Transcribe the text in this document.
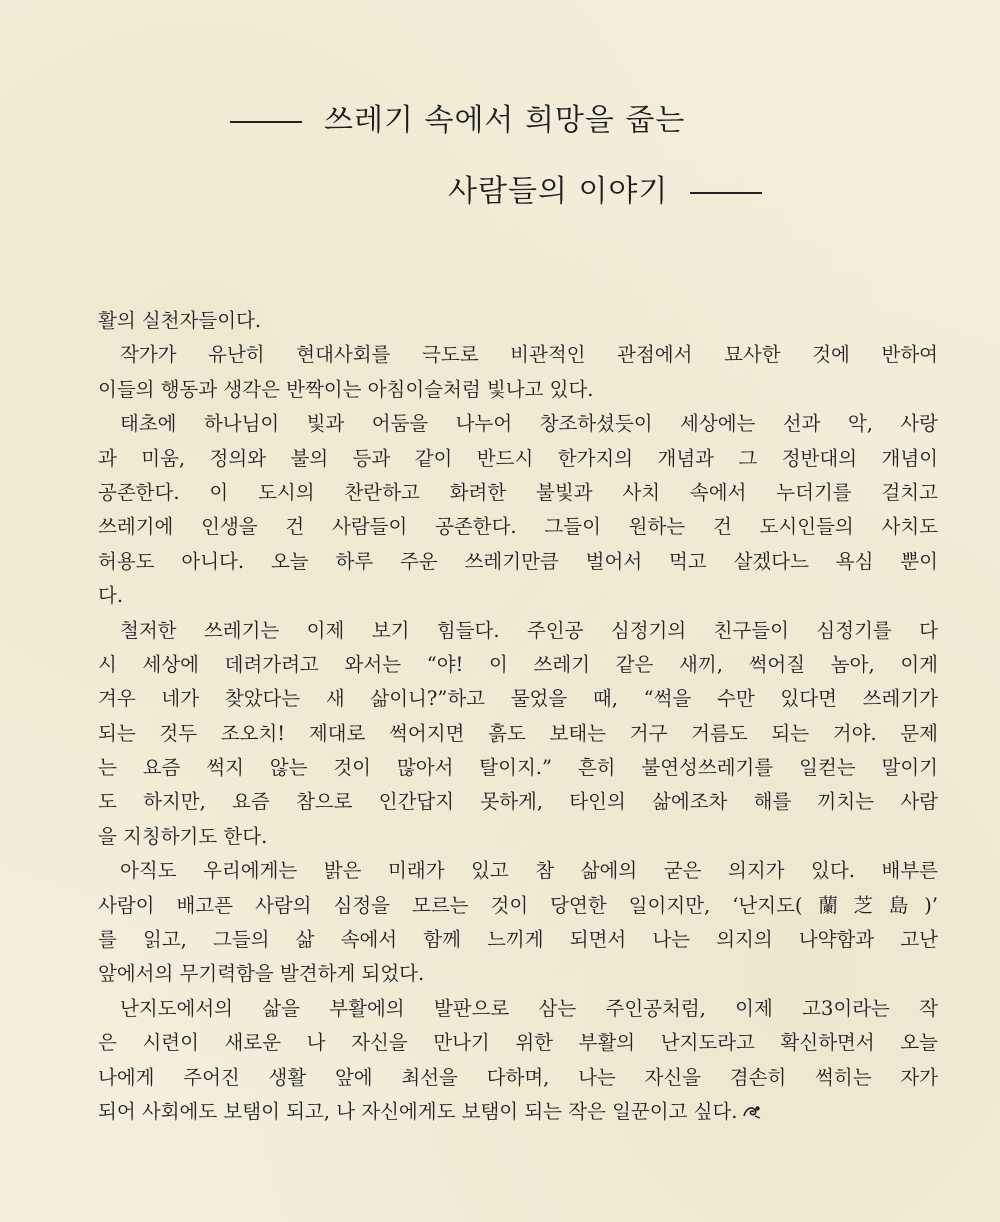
쓰레기 속에서 희망을 줍는
사람들의 이야기
활의 실천자들이다.
작가가 유난히 현대사회를 극도로 비관적인 관점에서 묘사한 것에 반하여
이들의 행동과 생각은 반짝이는 아침이슬처럼 빛나고 있다.
태초에 하나님이 빛과 어둠을 나누어 창조하셨듯이 세상에는 선과 악, 사랑
과 미움, 정의와 불의 등과 같이 반드시 한가지의 개념과 그 정반대의 개념이
공존한다. 이 도시의 찬란하고 화려한 불빛과 사치 속에서 누더기를 걸치고
쓰레기에 인생을 건 사람들이 공존한다. 그들이 원하는 건 도시인들의 사치도
허용도 아니다. 오늘 하루 주운 쓰레기만큼 벌어서 먹고 살겠다느 욕심 뿐이
다.
철저한 쓰레기는 이제 보기 힘들다. 주인공 심정기의 친구들이 심정기를 다
시 세상에 데려가려고 와서는 “야! 이 쓰레기 같은 새끼, 썩어질 놈아, 이게
겨우 네가 찾았다는 새 삶이니?”하고 물었을 때, “썩을 수만 있다면 쓰레기가
되는 것두 조오치! 제대로 썩어지면 흙도 보태는 거구 거름도 되는 거야. 문제
는 요즘 썩지 않는 것이 많아서 탈이지.” 흔히 불연성쓰레기를 일컫는 말이기
도 하지만, 요즘 참으로 인간답지 못하게, 타인의 삶에조차 해를 끼치는 사람
을 지칭하기도 한다.
아직도 우리에게는 밝은 미래가 있고 참 삶에의 굳은 의지가 있다. 배부른
사람이 배고픈 사람의 심정을 모르는 것이 당연한 일이지만, ‘난지도(蘭芝島)’
를 읽고, 그들의 삶 속에서 함께 느끼게 되면서 나는 의지의 나약함과 고난
앞에서의 무기력함을 발견하게 되었다.
난지도에서의 삶을 부활에의 발판으로 삼는 주인공처럼, 이제 고3이라는 작
은 시련이 새로운 나 자신을 만나기 위한 부활의 난지도라고 확신하면서 오늘
나에게 주어진 생활 앞에 최선을 다하며, 나는 자신을 겸손히 썩히는 자가
되어 사회에도 보탬이 되고, 나 자신에게도 보탬이 되는 작은 일꾼이고 싶다.
